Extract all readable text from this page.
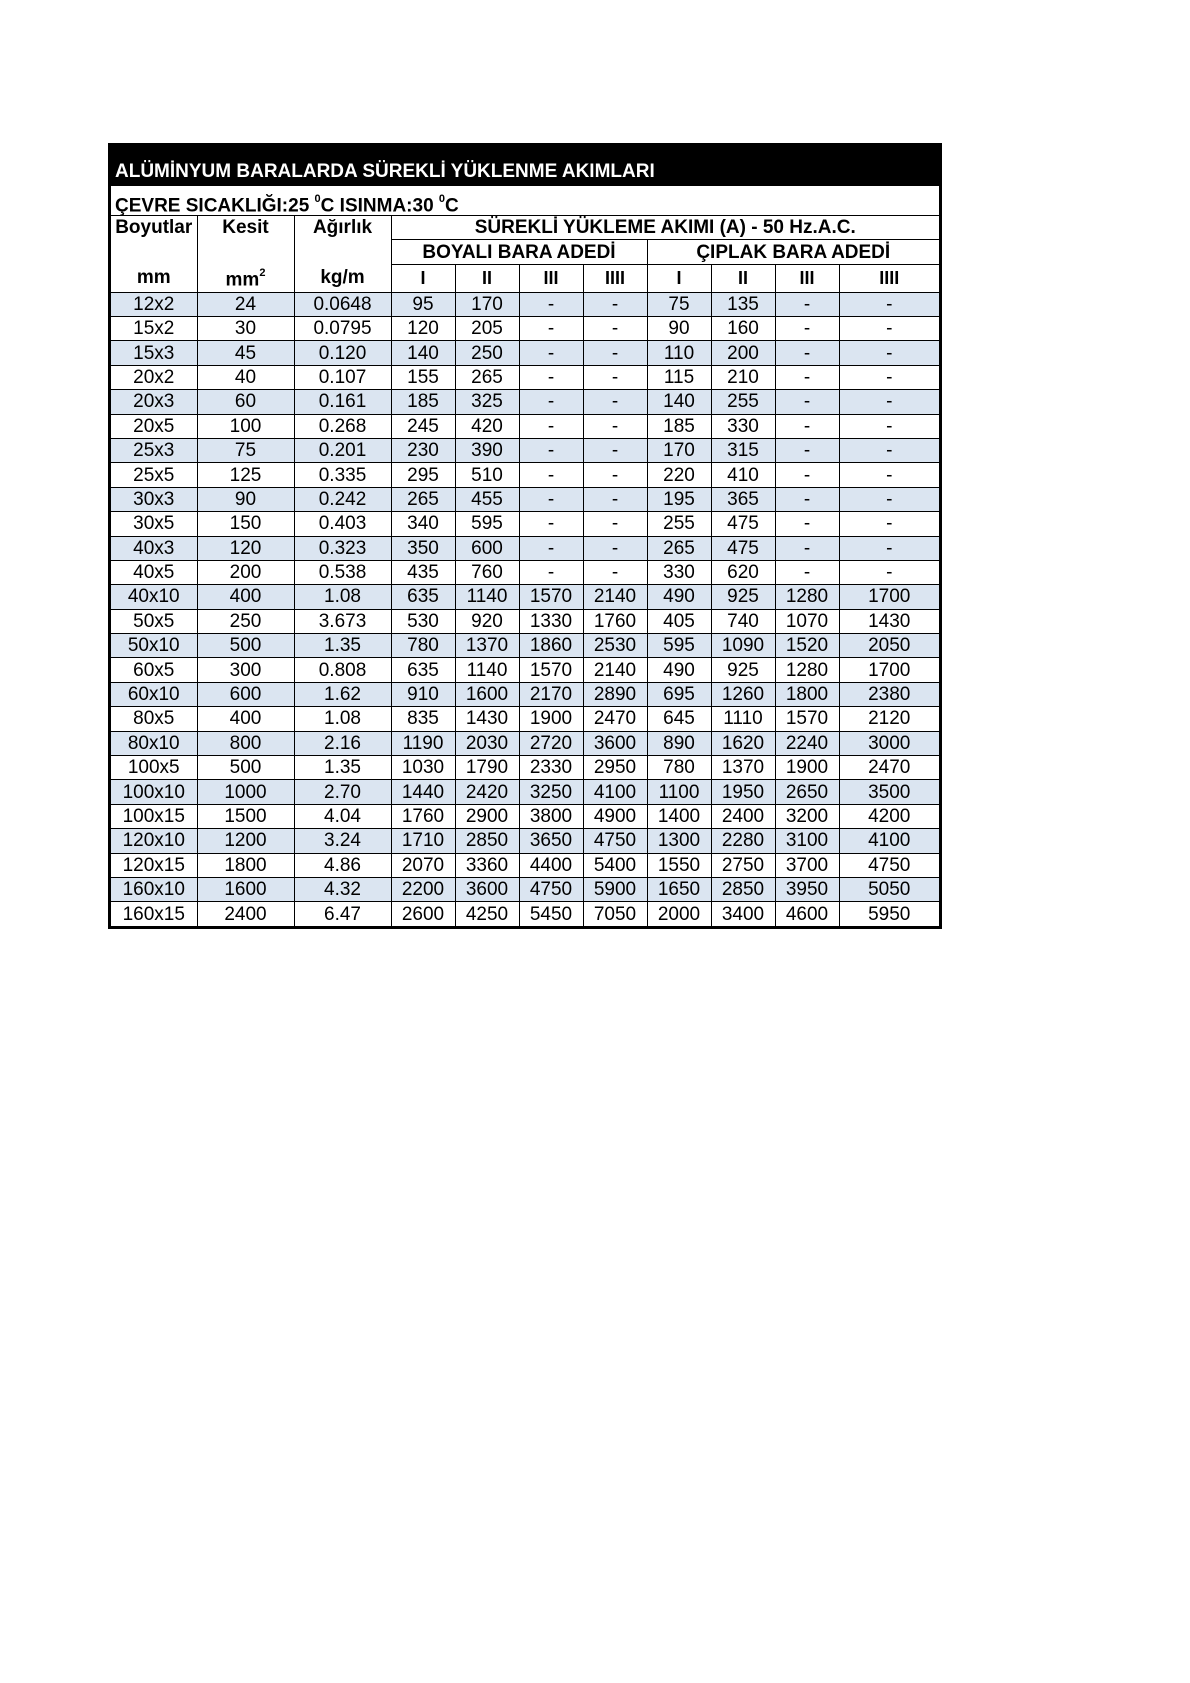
ALÜMİNYUM BARALARDA SÜREKLİ YÜKLENME AKIMLARI
ÇEVRE SICAKLIĞI:25 $^0$C ISINMA:30 $^0$C
Boyutlar	Kesit	Ağırlık	SÜREKLİ YÜKLEME AKIMI (A) - 50 Hz.A.C.							
			BOYALI BARA ADEDİ				ÇIPLAK BARA ADEDİ			
mm	$mm^2$	kg/m	I	II	III	IIII	I	II	III	IIII
12x2	24	0.0648	95	170	-	-	75	135	-	-
15x2	30	0.0795	120	205	-	-	90	160	-	-
15x3	45	0.120	140	250	-	-	110	200	-	-
20x2	40	0.107	155	265	-	-	115	210	-	-
20x3	60	0.161	185	325	-	-	140	255	-	-
20x5	100	0.268	245	420	-	-	185	330	-	-
25x3	75	0.201	230	390	-	-	170	315	-	-
25x5	125	0.335	295	510	-	-	220	410	-	-
30x3	90	0.242	265	455	-	-	195	365	-	-
30x5	150	0.403	340	595	-	-	255	475	-	-
40x3	120	0.323	350	600	-	-	265	475	-	-
40x5	200	0.538	435	760	-	-	330	620	-	-
40x10	400	1.08	635	1140	1570	2140	490	925	1280	1700
50x5	250	3.673	530	920	1330	1760	405	740	1070	1430
50x10	500	1.35	780	1370	1860	2530	595	1090	1520	2050
60x5	300	0.808	635	1140	1570	2140	490	925	1280	1700
60x10	600	1.62	910	1600	2170	2890	695	1260	1800	2380
80x5	400	1.08	835	1430	1900	2470	645	1110	1570	2120
80x10	800	2.16	1190	2030	2720	3600	890	1620	2240	3000
100x5	500	1.35	1030	1790	2330	2950	780	1370	1900	2470
100x10	1000	2.70	1440	2420	3250	4100	1100	1950	2650	3500
100x15	1500	4.04	1760	2900	3800	4900	1400	2400	3200	4200
120x10	1200	3.24	1710	2850	3650	4750	1300	2280	3100	4100
120x15	1800	4.86	2070	3360	4400	5400	1550	2750	3700	4750
160x10	1600	4.32	2200	3600	4750	5900	1650	2850	3950	5050
160x15	2400	6.47	2600	4250	5450	7050	2000	3400	4600	5950
